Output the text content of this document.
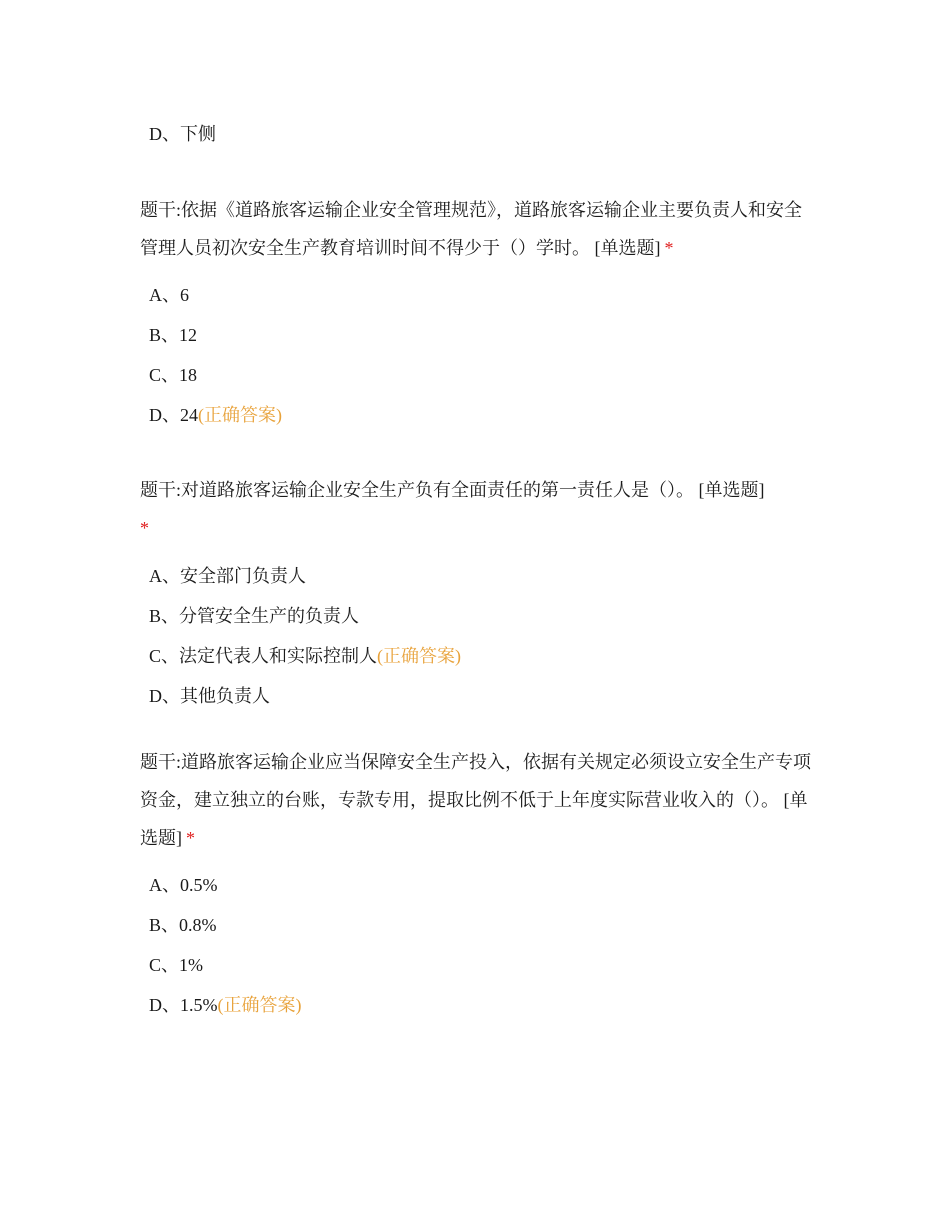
D、下侧

题干:依据《道路旅客运输企业安全管理规范》，道路旅客运输企业主要负责人和安全管理人员初次安全生产教育培训时间不得少于（）学时。 [单选题] *

A、6
B、12
C、18
D、24(正确答案)

题干:对道路旅客运输企业安全生产负有全面责任的第一责任人是（）。 [单选题]
*

A、安全部门负责人
B、分管安全生产的负责人
C、法定代表人和实际控制人(正确答案)
D、其他负责人

题干:道路旅客运输企业应当保障安全生产投入，依据有关规定必须设立安全生产专项资金，建立独立的台账，专款专用，提取比例不低于上年度实际营业收入的（）。 [单选题] *

A、0.5%
B、0.8%
C、1%
D、1.5%(正确答案)
